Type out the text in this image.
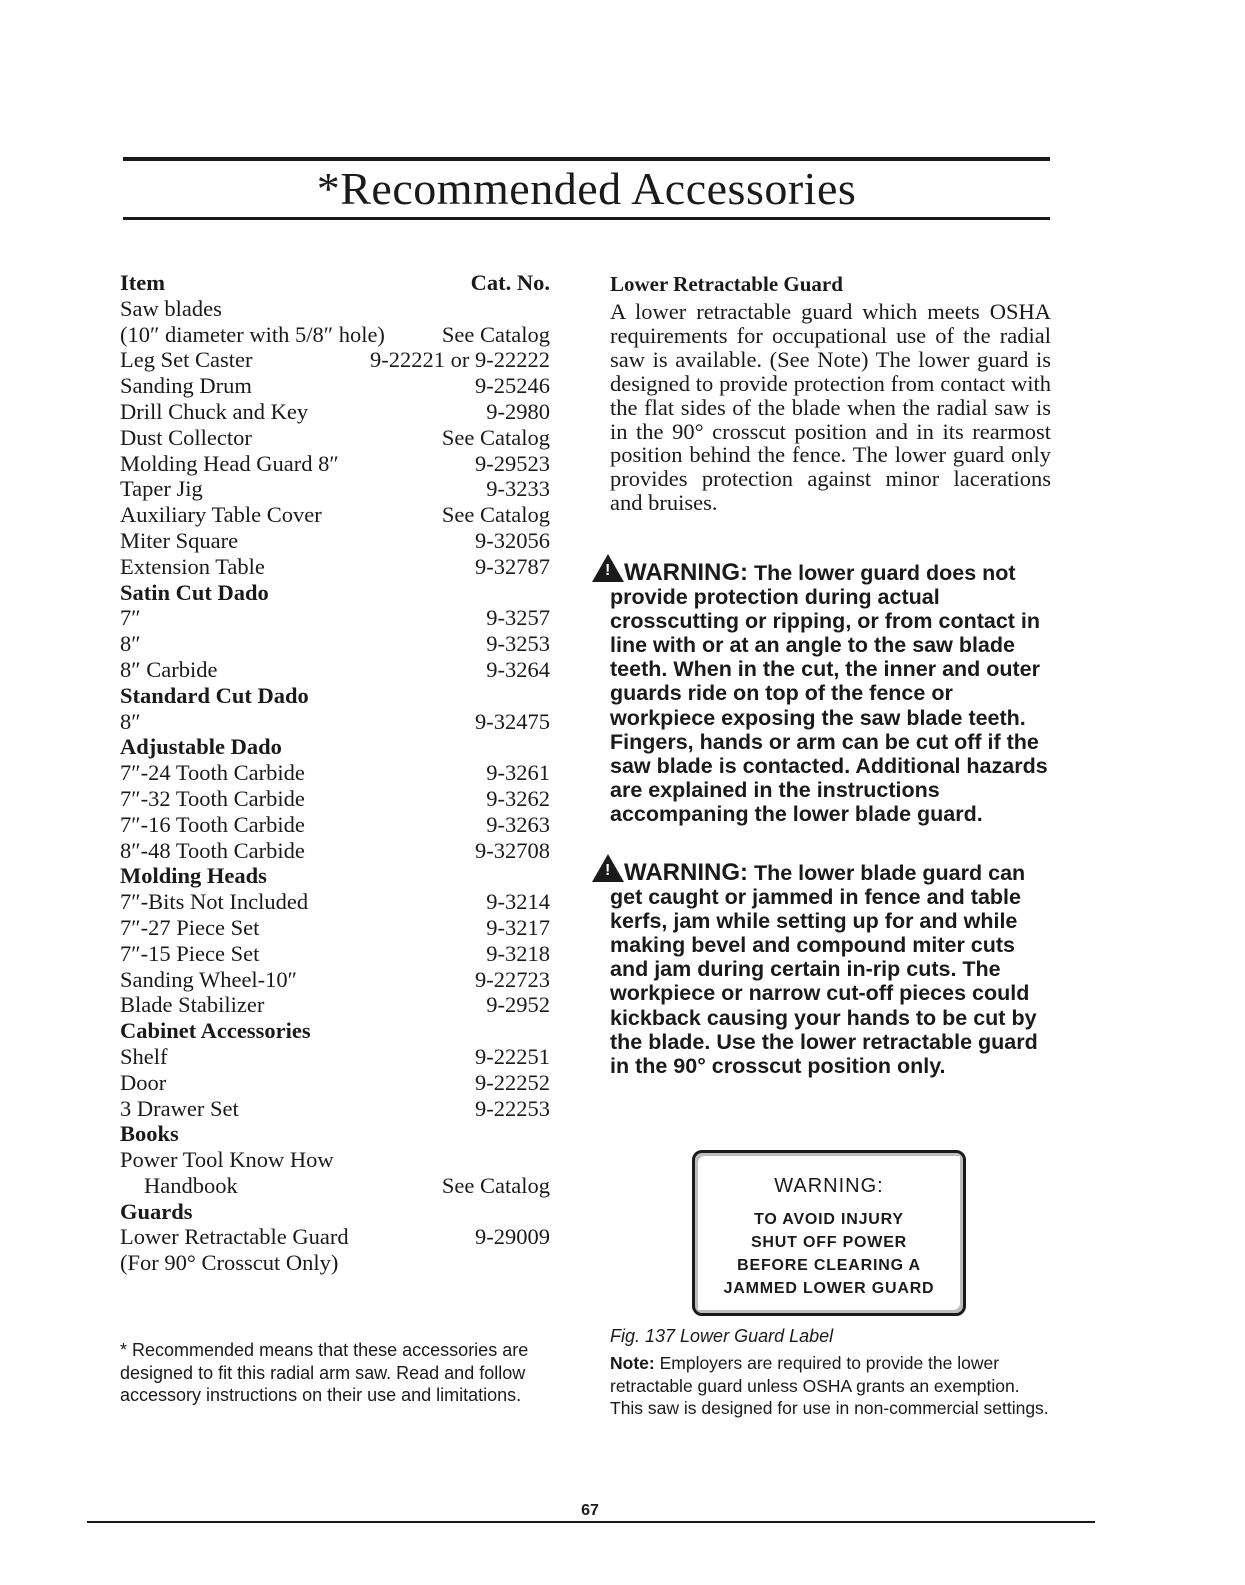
*Recommended Accessories
Item	Cat. No.
Saw blades
(10″ diameter with 5/8″ hole)	See Catalog
Leg Set Caster	9-22221 or 9-22222
Sanding Drum	9-25246
Drill Chuck and Key	9-2980
Dust Collector	See Catalog
Molding Head Guard 8″	9-29523
Taper Jig	9-3233
Auxiliary Table Cover	See Catalog
Miter Square	9-32056
Extension Table	9-32787
Satin Cut Dado
7″	9-3257
8″	9-3253
8″ Carbide	9-3264
Standard Cut Dado
8″	9-32475
Adjustable Dado
7″-24 Tooth Carbide	9-3261
7″-32 Tooth Carbide	9-3262
7″-16 Tooth Carbide	9-3263
8″-48 Tooth Carbide	9-32708
Molding Heads
7″-Bits Not Included	9-3214
7″-27 Piece Set	9-3217
7″-15 Piece Set	9-3218
Sanding Wheel-10″	9-22723
Blade Stabilizer	9-2952
Cabinet Accessories
Shelf	9-22251
Door	9-22252
3 Drawer Set	9-22253
Books
Power Tool Know How
Handbook	See Catalog
Guards
Lower Retractable Guard	9-29009
(For 90° Crosscut Only)
* Recommended means that these accessories are designed to fit this radial arm saw. Read and follow accessory instructions on their use and limitations.
Lower Retractable Guard
A lower retractable guard which meets OSHA requirements for occupational use of the radial saw is available. (See Note) The lower guard is designed to provide protection from contact with the flat sides of the blade when the radial saw is in the 90° crosscut position and in its rearmost position behind the fence. The lower guard only provides protection against minor lacerations and bruises.
!WARNING: The lower guard does not provide protection during actual crosscutting or ripping, or from contact in line with or at an angle to the saw blade teeth. When in the cut, the inner and outer guards ride on top of the fence or workpiece exposing the saw blade teeth. Fingers, hands or arm can be cut off if the saw blade is contacted. Additional hazards are explained in the instructions accompaning the lower blade guard.
!WARNING: The lower blade guard can get caught or jammed in fence and table kerfs, jam while setting up for and while making bevel and compound miter cuts and jam during certain in-rip cuts. The workpiece or narrow cut-off pieces could kickback causing your hands to be cut by the blade. Use the lower retractable guard in the 90° crosscut position only.
WARNING:
TO AVOID INJURY
SHUT OFF POWER
BEFORE CLEARING A
JAMMED LOWER GUARD
Fig. 137 Lower Guard Label
Note: Employers are required to provide the lower retractable guard unless OSHA grants an exemption. This saw is designed for use in non-commercial settings.
67
